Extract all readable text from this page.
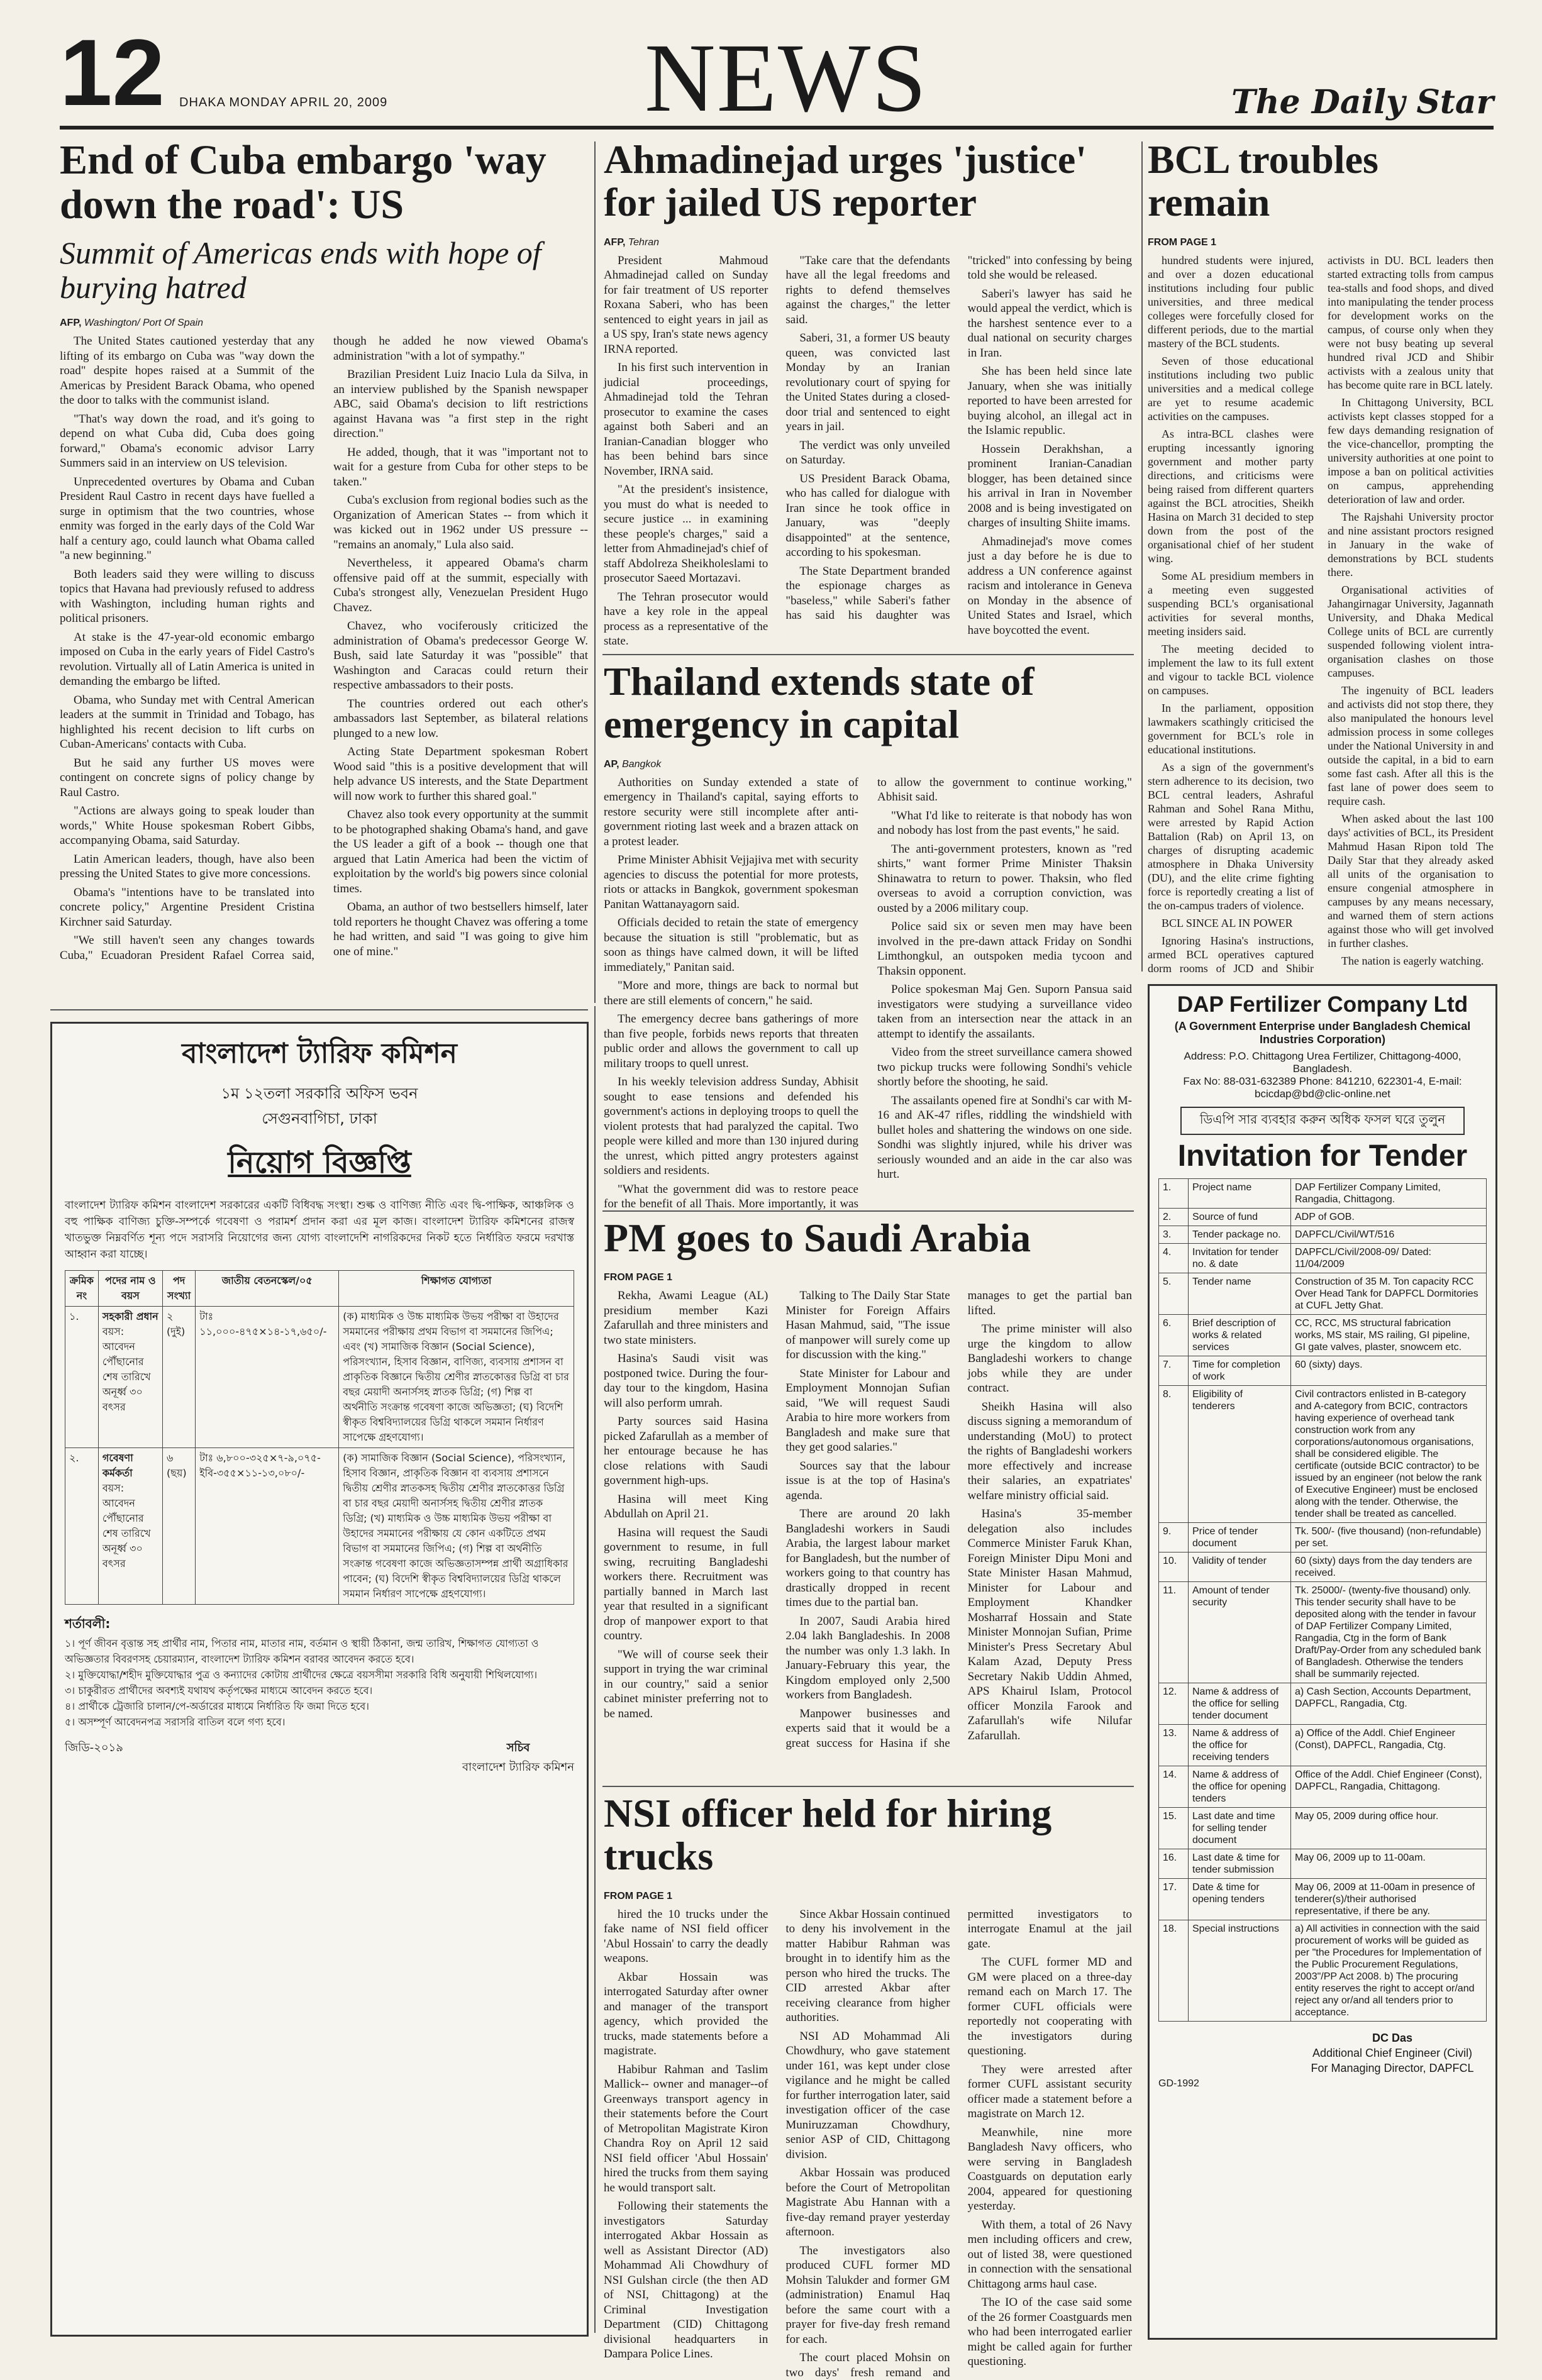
12 DHAKA MONDAY APRIL 20, 2009	NEWS	The Daily Star
End of Cuba embargo 'way down the road': US
Summit of Americas ends with hope of burying hatred
AFP, Washington/ Port Of Spain

The United States cautioned yesterday that any lifting of its embargo on Cuba was "way down the road" despite hopes raised at a Summit of the Americas by President Barack Obama, who opened the door to talks with the communist island.

"That's way down the road, and it's going to depend on what Cuba did, Cuba does going forward," Obama's economic advisor Larry Summers said in an interview on US television.

Unprecedented overtures by Obama and Cuban President Raul Castro in recent days have fuelled a surge in optimism that the two countries, whose enmity was forged in the early days of the Cold War half a century ago, could launch what Obama called "a new beginning."

Both leaders said they were willing to discuss topics that Havana had previously refused to address with Washington, including human rights and political prisoners.

At stake is the 47-year-old economic embargo imposed on Cuba in the early years of Fidel Castro's revolution. Virtually all of Latin America is united in demanding the embargo be lifted.

Obama, who Sunday met with Central American leaders at the summit in Trinidad and Tobago, has highlighted his recent decision to lift curbs on Cuban-Americans' contacts with Cuba.

But he said any further US moves were contingent on concrete signs of policy change by Raul Castro.

"Actions are always going to speak louder than words," White House spokesman Robert Gibbs, accompanying Obama, said Saturday.

Latin American leaders, though, have also been pressing the United States to give more concessions.

Obama's "intentions have to be translated into concrete policy," Argentine President Cristina Kirchner said Saturday.

"We still haven't seen any changes towards Cuba," Ecuadoran President Rafael Correa said, though he added he now viewed Obama's administration "with a lot of sympathy."

Brazilian President Luiz Inacio Lula da Silva, in an interview published by the Spanish newspaper ABC, said Obama's decision to lift restrictions against Havana was "a first step in the right direction."

He added, though, that it was "important not to wait for a gesture from Cuba for other steps to be taken."

Cuba's exclusion from regional bodies such as the Organization of American States -- from which it was kicked out in 1962 under US pressure -- "remains an anomaly," Lula also said.

Nevertheless, it appeared Obama's charm offensive paid off at the summit, especially with Cuba's strongest ally, Venezuelan President Hugo Chavez.

Chavez, who vociferously criticized the administration of Obama's predecessor George W. Bush, said late Saturday it was "possible" that Washington and Caracas could return their respective ambassadors to their posts.

The countries ordered out each other's ambassadors last September, as bilateral relations plunged to a new low.

Acting State Department spokesman Robert Wood said "this is a positive development that will help advance US interests, and the State Department will now work to further this shared goal."

Chavez also took every opportunity at the summit to be photographed shaking Obama's hand, and gave the US leader a gift of a book -- though one that argued that Latin America had been the victim of exploitation by the world's big powers since colonial times.

Obama, an author of two bestsellers himself, later told reporters he thought Chavez was offering a tome he had written, and said "I was going to give him one of mine."

Ahmadinejad urges 'justice' for jailed US reporter
AFP, Tehran

President Mahmoud Ahmadinejad called on Sunday for fair treatment of US reporter Roxana Saberi, who has been sentenced to eight years in jail as a US spy, Iran's state news agency IRNA reported.

In his first such intervention in judicial proceedings, Ahmadinejad told the Tehran prosecutor to examine the cases against both Saberi and an Iranian-Canadian blogger who has been behind bars since November, IRNA said.

"At the president's insistence, you must do what is needed to secure justice ... in examining these people's charges," said a letter from Ahmadinejad's chief of staff Abdolreza Sheikholeslami to prosecutor Saeed Mortazavi.

The Tehran prosecutor would have a key role in the appeal process as a representative of the state.

"Take care that the defendants have all the legal freedoms and rights to defend themselves against the charges," the letter said.

Saberi, 31, a former US beauty queen, was convicted last Monday by an Iranian revolutionary court of spying for the United States during a closed-door trial and sentenced to eight years in jail.

The verdict was only unveiled on Saturday.

US President Barack Obama, who has called for dialogue with Iran since he took office in January, was "deeply disappointed" at the sentence, according to his spokesman.

The State Department branded the espionage charges as "baseless," while Saberi's father has said his daughter was "tricked" into confessing by being told she would be released.

Saberi's lawyer has said he would appeal the verdict, which is the harshest sentence ever to a dual national on security charges in Iran.

She has been held since late January, when she was initially reported to have been arrested for buying alcohol, an illegal act in the Islamic republic.

Hossein Derakhshan, a prominent Iranian-Canadian blogger, has been detained since his arrival in Iran in November 2008 and is being investigated on charges of insulting Shiite imams.

Ahmadinejad's move comes just a day before he is due to address a UN conference against racism and intolerance in Geneva on Monday in the absence of United States and Israel, which have boycotted the event.

Thailand extends state of emergency in capital
AP, Bangkok

Authorities on Sunday extended a state of emergency in Thailand's capital, saying efforts to restore security were still incomplete after anti-government rioting last week and a brazen attack on a protest leader.

Prime Minister Abhisit Vejjajiva met with security agencies to discuss the potential for more protests, riots or attacks in Bangkok, government spokesman Panitan Wattanayagorn said.

Officials decided to retain the state of emergency because the situation is still "problematic, but as soon as things have calmed down, it will be lifted immediately," Panitan said.

"More and more, things are back to normal but there are still elements of concern," he said.

The emergency decree bans gatherings of more than five people, forbids news reports that threaten public order and allows the government to call up military troops to quell unrest.

In his weekly television address Sunday, Abhisit sought to ease tensions and defended his government's actions in deploying troops to quell the violent protests that had paralyzed the capital. Two people were killed and more than 130 injured during the unrest, which pitted angry protesters against soldiers and residents.

"What the government did was to restore peace for the benefit of all Thais. More importantly, it was to allow the government to continue working," Abhisit said.

"What I'd like to reiterate is that nobody has won and nobody has lost from the past events," he said.

The anti-government protesters, known as "red shirts," want former Prime Minister Thaksin Shinawatra to return to power. Thaksin, who fled overseas to avoid a corruption conviction, was ousted by a 2006 military coup.

Police said six or seven men may have been involved in the pre-dawn attack Friday on Sondhi Limthongkul, an outspoken media tycoon and Thaksin opponent.

Police spokesman Maj Gen. Suporn Pansua said investigators were studying a surveillance video taken from an intersection near the attack in an attempt to identify the assailants.

Video from the street surveillance camera showed two pickup trucks were following Sondhi's vehicle shortly before the shooting, he said.

The assailants opened fire at Sondhi's car with M-16 and AK-47 rifles, riddling the windshield with bullet holes and shattering the windows on one side. Sondhi was slightly injured, while his driver was seriously wounded and an aide in the car also was hurt.

PM goes to Saudi Arabia
FROM PAGE 1

Rekha, Awami League (AL) presidium member Kazi Zafarullah and three ministers and two state ministers.

Hasina's Saudi visit was postponed twice. During the four-day tour to the kingdom, Hasina will also perform umrah.

Party sources said Hasina picked Zafarullah as a member of her entourage because he has close relations with Saudi government high-ups.

Hasina will meet King Abdullah on April 21.

Hasina will request the Saudi government to resume, in full swing, recruiting Bangladeshi workers there. Recruitment was partially banned in March last year that resulted in a significant drop of manpower export to that country.

"We will of course seek their support in trying the war criminal in our country," said a senior cabinet minister preferring not to be named.

Talking to The Daily Star State Minister for Foreign Affairs Hasan Mahmud, said, "The issue of manpower will surely come up for discussion with the king."

State Minister for Labour and Employment Monnojan Sufian said, "We will request Saudi Arabia to hire more workers from Bangladesh and make sure that they get good salaries."

Sources say that the labour issue is at the top of Hasina's agenda.

There are around 20 lakh Bangladeshi workers in Saudi Arabia, the largest labour market for Bangladesh, but the number of workers going to that country has drastically dropped in recent times due to the partial ban.

In 2007, Saudi Arabia hired 2.04 lakh Bangladeshis. In 2008 the number was only 1.3 lakh. In January-February this year, the Kingdom employed only 2,500 workers from Bangladesh.

Manpower businesses and experts said that it would be a great success for Hasina if she manages to get the partial ban lifted.

The prime minister will also urge the kingdom to allow Bangladeshi workers to change jobs while they are under contract.

Sheikh Hasina will also discuss signing a memorandum of understanding (MoU) to protect the rights of Bangladeshi workers more effectively and increase their salaries, an expatriates' welfare ministry official said.

Hasina's 35-member delegation also includes Commerce Minister Faruk Khan, Foreign Minister Dipu Moni and State Minister Hasan Mahmud, Minister for Labour and Employment Khandker Mosharraf Hossain and State Minister Monnojan Sufian, Prime Minister's Press Secretary Abul Kalam Azad, Deputy Press Secretary Nakib Uddin Ahmed, APS Khairul Islam, Protocol officer Monzila Farook and Zafarullah's wife Nilufar Zafarullah.

NSI officer held for hiring trucks
FROM PAGE 1

hired the 10 trucks under the fake name of NSI field officer 'Abul Hossain' to carry the deadly weapons.

Akbar Hossain was interrogated Saturday after owner and manager of the transport agency, which provided the trucks, made statements before a magistrate.

Habibur Rahman and Taslim Mallick-- owner and manager--of Greenways transport agency in their statements before the Court of Metropolitan Magistrate Kiron Chandra Roy on April 12 said NSI field officer 'Abul Hossain' hired the trucks from them saying he would transport salt.

Following their statements the investigators Saturday interrogated Akbar Hossain as well as Assistant Director (AD) Mohammad Ali Chowdhury of NSI Gulshan circle (the then AD of NSI, Chittagong) at the Criminal Investigation Department (CID) Chittagong divisional headquarters in Dampara Police Lines.

Since Akbar Hossain continued to deny his involvement in the matter Habibur Rahman was brought in to identify him as the person who hired the trucks. The CID arrested Akbar after receiving clearance from higher authorities.

NSI AD Mohammad Ali Chowdhury, who gave statement under 161, was kept under close vigilance and he might be called for further interrogation later, said investigation officer of the case Muniruzzaman Chowdhury, senior ASP of CID, Chittagong division.

Akbar Hossain was produced before the Court of Metropolitan Magistrate Abu Hannan with a five-day remand prayer yesterday afternoon.

The investigators also produced CUFL former MD Mohsin Talukder and former GM (administration) Enamul Haq before the same court with a prayer for five-day fresh remand for each.

The court placed Mohsin on two days' fresh remand and permitted investigators to interrogate Enamul at the jail gate.

The CUFL former MD and GM were placed on a three-day remand each on March 17. The former CUFL officials were reportedly not cooperating with the investigators during questioning.

They were arrested after former CUFL assistant security officer made a statement before a magistrate on March 12.

Meanwhile, nine more Bangladesh Navy officers, who were serving in Bangladesh Coastguards on deputation early 2004, appeared for questioning yesterday.

With them, a total of 26 Navy men including officers and crew, out of listed 38, were questioned in connection with the sensational Chittagong arms haul case.

The IO of the case said some of the 26 former Coastguards men who had been interrogated earlier might be called again for further questioning.

BCL troubles remain
FROM PAGE 1

hundred students were injured, and over a dozen educational institutions including four public universities, and three medical colleges were forcefully closed for different periods, due to the martial mastery of the BCL students.

Seven of those educational institutions including two public universities and a medical college are yet to resume academic activities on the campuses.

As intra-BCL clashes were erupting incessantly ignoring government and mother party directions, and criticisms were being raised from different quarters against the BCL atrocities, Sheikh Hasina on March 31 decided to step down from the post of the organisational chief of her student wing.

Some AL presidium members in a meeting even suggested suspending BCL's organisational activities for several months, meeting insiders said.

The meeting decided to implement the law to its full extent and vigour to tackle BCL violence on campuses.

In the parliament, opposition lawmakers scathingly criticised the government for BCL's role in educational institutions.

As a sign of the government's stern adherence to its decision, two BCL central leaders, Ashraful Rahman and Sohel Rana Mithu, were arrested by Rapid Action Battalion (Rab) on April 13, on charges of disrupting academic atmosphere in Dhaka University (DU), and the elite crime fighting force is reportedly creating a list of the on-campus traders of violence.

BCL SINCE AL IN POWER

Ignoring Hasina's instructions, armed BCL operatives captured dorm rooms of JCD and Shibir activists in DU. BCL leaders then started extracting tolls from campus tea-stalls and food shops, and dived into manipulating the tender process for development works on the campus, of course only when they were not busy beating up several hundred rival JCD and Shibir activists with a zealous unity that has become quite rare in BCL lately.

In Chittagong University, BCL activists kept classes stopped for a few days demanding resignation of the vice-chancellor, prompting the university authorities at one point to impose a ban on political activities on campus, apprehending deterioration of law and order.

The Rajshahi University proctor and nine assistant proctors resigned in January in the wake of demonstrations by BCL students there.

Organisational activities of Jahangirnagar University, Jagannath University, and Dhaka Medical College units of BCL are currently suspended following violent intra-organisation clashes on those campuses.

The ingenuity of BCL leaders and activists did not stop there, they also manipulated the honours level admission process in some colleges under the National University in and outside the capital, in a bid to earn some fast cash. After all this is the fast lane of power does seem to require cash.

When asked about the last 100 days' activities of BCL, its President Mahmud Hasan Ripon told The Daily Star that they already asked all units of the organisation to ensure congenial atmosphere in campuses by any means necessary, and warned them of stern actions against those who will get involved in further clashes.

The nation is eagerly watching.

বাংলাদেশ ট্যারিফ কমিশন
১ম ১২তলা সরকারি অফিস ভবন
সেগুনবাগিচা, ঢাকা
নিয়োগ বিজ্ঞপ্তি
বাংলাদেশ ট্যারিফ কমিশন বাংলাদেশ সরকারের একটি বিধিবদ্ধ সংস্থা। শুল্ক ও বাণিজ্য নীতি এবং দ্বি-পাক্ষিক, আঞ্চলিক ও বহু পাক্ষিক বাণিজ্য চুক্তি-সম্পর্কে গবেষণা ও পরামর্শ প্রদান করা এর মূল কাজ। বাংলাদেশ ট্যারিফ কমিশনের রাজস্ব খাতভুক্ত নিম্নবর্ণিত শূন্য পদে সরাসরি নিয়োগের জন্য যোগ্য বাংলাদেশি নাগরিকদের নিকট হতে নির্ধারিত ফরমে দরখাস্ত আহ্বান করা যাচ্ছে।
ক্রমিক নং	পদের নাম ও বয়স	পদ সংখ্যা	জাতীয় বেতনস্কেল/০৫	শিক্ষাগত যোগ্যতা
১.	সহকারী প্রধান
বয়স: আবেদন পৌঁছানোর শেষ তারিখে অনূর্ধ্ব ৩০ বৎসর	২ (দুই)	টাঃ ১১,০০০-৪৭৫×১৪-১৭,৬৫০/-	(ক) মাধ্যমিক ও উচ্চ মাধ্যমিক উভয় পরীক্ষা বা উহাদের সমমানের পরীক্ষায় প্রথম বিভাগ বা সমমানের জিপিএ; এবং (খ) সামাজিক বিজ্ঞান (Social Science), পরিসংখ্যান, হিসাব বিজ্ঞান, বাণিজ্য, ব্যবসায় প্রশাসন বা প্রাকৃতিক বিজ্ঞানে দ্বিতীয় শ্রেণীর স্নাতকোত্তর ডিগ্রি বা চার বছর মেয়াদী অনার্সসহ স্নাতক ডিগ্রি; (গ) শিল্প বা অর্থনীতি সংক্রান্ত গবেষণা কাজে অভিজ্ঞতা; (ঘ) বিদেশি স্বীকৃত বিশ্ববিদ্যালয়ের ডিগ্রি থাকলে সমমান নির্ধারণ সাপেক্ষে গ্রহণযোগ্য।
২.	গবেষণা কর্মকর্তা
বয়স: আবেদন পৌঁছানোর শেষ তারিখে অনূর্ধ্ব ৩০ বৎসর	৬ (ছয়)	টাঃ ৬,৮০০-৩২৫×৭-৯,০৭৫-ইবি-৩৫৫×১১-১৩,০৮০/-	(ক) সামাজিক বিজ্ঞান (Social Science), পরিসংখ্যান, হিসাব বিজ্ঞান, প্রাকৃতিক বিজ্ঞান বা ব্যবসায় প্রশাসনে দ্বিতীয় শ্রেণীর স্নাতকসহ দ্বিতীয় শ্রেণীর স্নাতকোত্তর ডিগ্রি বা চার বছর মেয়াদী অনার্সসহ দ্বিতীয় শ্রেণীর স্নাতক ডিগ্রি; (খ) মাধ্যমিক ও উচ্চ মাধ্যমিক উভয় পরীক্ষা বা উহাদের সমমানের পরীক্ষায় যে কোন একটিতে প্রথম বিভাগ বা সমমানের জিপিএ; (গ) শিল্প বা অর্থনীতি সংক্রান্ত গবেষণা কাজে অভিজ্ঞতাসম্পন্ন প্রার্থী অগ্রাধিকার পাবেন; (ঘ) বিদেশি স্বীকৃত বিশ্ববিদ্যালয়ের ডিগ্রি থাকলে সমমান নির্ধারণ সাপেক্ষে গ্রহণযোগ্য।
শর্তাবলী:
১। পূর্ণ জীবন বৃত্তান্ত সহ প্রার্থীর নাম, পিতার নাম, মাতার নাম, বর্তমান ও স্থায়ী ঠিকানা, জন্ম তারিখ, শিক্ষাগত যোগ্যতা ও অভিজ্ঞতার বিবরণসহ চেয়ারম্যান, বাংলাদেশ ট্যারিফ কমিশন বরাবর আবেদন করতে হবে।
২। মুক্তিযোদ্ধা/শহীদ মুক্তিযোদ্ধার পুত্র ও কন্যাদের কোটায় প্রার্থীদের ক্ষেত্রে বয়সসীমা সরকারি বিধি অনুযায়ী শিথিলযোগ্য।
৩। চাকুরীরত প্রার্থীদের অবশ্যই যথাযথ কর্তৃপক্ষের মাধ্যমে আবেদন করতে হবে।
৪। প্রার্থীকে ট্রেজারি চালান/পে-অর্ডারের মাধ্যমে নির্ধারিত ফি জমা দিতে হবে।
৫। অসম্পূর্ণ আবেদনপত্র সরাসরি বাতিল বলে গণ্য হবে।
জিডি-২০১৯	সচিব
বাংলাদেশ ট্যারিফ কমিশন
DAP Fertilizer Company Ltd
(A Government Enterprise under Bangladesh Chemical Industries Corporation)
Address: P.O. Chittagong Urea Fertilizer, Chittagong-4000, Bangladesh.
Fax No: 88-031-632389 Phone: 841210, 622301-4, E-mail: bcicdap@bd@clic-online.net
ডিএপি সার ব্যবহার করুন অধিক ফসল ঘরে তুলুন
Invitation for Tender
1.	Project name	DAP Fertilizer Company Limited, Rangadia, Chittagong.
2.	Source of fund	ADP of GOB.
3.	Tender package no.	DAPFCL/Civil/WT/516
4.	Invitation for tender no. & date	DAPFCL/Civil/2008-09/ Dated: 11/04/2009
5.	Tender name	Construction of 35 M. Ton capacity RCC Over Head Tank for DAPFCL Dormitories at CUFL Jetty Ghat.
6.	Brief description of works & related services	CC, RCC, MS structural fabrication works, MS stair, MS railing, GI pipeline, GI gate valves, plaster, snowcem etc.
7.	Time for completion of work	60 (sixty) days.
8.	Eligibility of tenderers	Civil contractors enlisted in B-category and A-category from BCIC, contractors having experience of overhead tank construction work from any corporations/autonomous organisations, shall be considered eligible. The certificate (outside BCIC contractor) to be issued by an engineer (not below the rank of Executive Engineer) must be enclosed along with the tender. Otherwise, the tender shall be treated as cancelled.
9.	Price of tender document	Tk. 500/- (five thousand) (non-refundable) per set.
10.	Validity of tender	60 (sixty) days from the day tenders are received.
11.	Amount of tender security	Tk. 25000/- (twenty-five thousand) only. This tender security shall have to be deposited along with the tender in favour of DAP Fertilizer Company Limited, Rangadia, Ctg in the form of Bank Draft/Pay-Order from any scheduled bank of Bangladesh. Otherwise the tenders shall be summarily rejected.
12.	Name & address of the office for selling tender document	a) Cash Section, Accounts Department, DAPFCL, Rangadia, Ctg.
13.	Name & address of the office for receiving tenders	a) Office of the Addl. Chief Engineer (Const), DAPFCL, Rangadia, Ctg.
14.	Name & address of the office for opening tenders	Office of the Addl. Chief Engineer (Const), DAPFCL, Rangadia, Chittagong.
15.	Last date and time for selling tender document	May 05, 2009 during office hour.
16.	Last date & time for tender submission	May 06, 2009 up to 11-00am.
17.	Date & time for opening tenders	May 06, 2009 at 11-00am in presence of tenderer(s)/their authorised representative, if there be any.
18.	Special instructions	a) All activities in connection with the said procurement of works will be guided as per "the Procedures for Implementation of the Public Procurement Regulations, 2003"/PP Act 2008. b) The procuring entity reserves the right to accept or/and reject any or/and all tenders prior to acceptance.
DC Das
Additional Chief Engineer (Civil)
For Managing Director, DAPFCL
GD-1992
